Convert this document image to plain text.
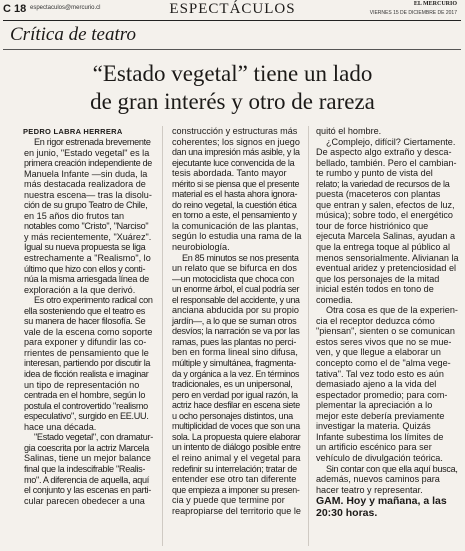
C 18 espectaculos@mercurio.cl	ESPECTÁCULOS	EL MERCURIO
VIERNES 15 DE DICIEMBRE DE 2017
Crítica de teatro
“Estado vegetal” tiene un lado
de gran interés y otro de rareza
PEDRO LABRA HERRERA
En rigor estrenada brevemente
en junio, "Estado vegetal" es la
primera creación independiente de
Manuela Infante —sin duda, la
más destacada realizadora de
nuestra escena— tras la disolu-
ción de su grupo Teatro de Chile,
en 15 años dio frutos tan
notables como "Cristo", "Narciso"
y más recientemente, "Xuárez".
Igual su nueva propuesta se liga
estrechamente a "Realismo", lo
último que hizo con ellos y conti-
núa la misma arriesgada línea de
exploración a la que derivó.
Es otro experimento radical con
ella sosteniendo que el teatro es
su manera de hacer filosofía. Se
vale de la escena como soporte
para exponer y difundir las co-
rrientes de pensamiento que le
interesan, partiendo por discutir la
idea de ficción realista e imaginar
un tipo de representación no
centrada en el hombre, según lo
postula el controvertido "realismo
especulativo", surgido en EE.UU.
hace una década.
"Estado vegetal", con dramatur-
gia coescrita por la actriz Marcela
Salinas, tiene un mejor balance
final que la indescifrable "Realis-
mo". A diferencia de aquella, aquí
el conjunto y las escenas en parti-
cular parecen obedecer a una
construcción y estructuras más
coherentes; los signos en juego
dan una impresión más asible, y la
ejecutante luce convencida de la
tesis abordada. Tanto mayor
mérito si se piensa que el presente
material es el hasta ahora ignora-
do reino vegetal, la cuestión ética
en torno a este, el pensamiento y
la comunicación de las plantas,
según lo estudia una rama de la
neurobiología.
En 85 minutos se nos presenta
un relato que se bifurca en dos
—un motociclista que choca con
un enorme árbol, el cual podría ser
el responsable del accidente, y una
anciana abducida por su propio
jardín—, a lo que se suman otros
desvíos; la narración se va por las
ramas, pues las plantas no perci-
ben en forma lineal sino difusa,
múltiple y simultánea, fragmenta-
da y orgánica a la vez. En términos
tradicionales, es un unipersonal,
pero en verdad por igual razón, la
actriz hace desfilar en escena siete
u ocho personajes distintos, una
multiplicidad de voces que son una
sola. La propuesta quiere elaborar
un intento de diálogo posible entre
el reino animal y el vegetal para
redefinir su interrelación; tratar de
entender ese otro tan diferente
que empieza a imponer su presen-
cia y puede que termine por
reapropiarse del territorio que le
quitó el hombre.
¿Complejo, difícil? Ciertamente.
De aspecto algo extraño y desca-
bellado, también. Pero el cambian-
te rumbo y punto de vista del
relato; la variedad de recursos de la
puesta (maceteros con plantas
que entran y salen, efectos de luz,
música); sobre todo, el energético
tour de force histriónico que
ejecuta Marcela Salinas, ayudan a
que la entrega toque al público al
menos sensorialmente. Alivianan la
eventual aridez y pretenciosidad el
que los personajes de la mitad
inicial estén todos en tono de
comedia.
Otra cosa es que de la experien-
cia el receptor deduzca cómo
"piensan", sienten o se comunican
estos seres vivos que no se mue-
ven, y que llegue a elaborar un
concepto como el de "alma vege-
tativa". Tal vez todo esto es aún
demasiado ajeno a la vida del
espectador promedio; para com-
plementar la apreciación a lo
mejor este debería previamente
investigar la materia. Quizás
Infante subestima los límites de
un artificio escénico para ser
vehículo de divulgación teórica.
Sin contar con que ella aquí busca,
además, nuevos caminos para
hacer teatro y representar.
GAM. Hoy y mañana, a las
20:30 horas.
